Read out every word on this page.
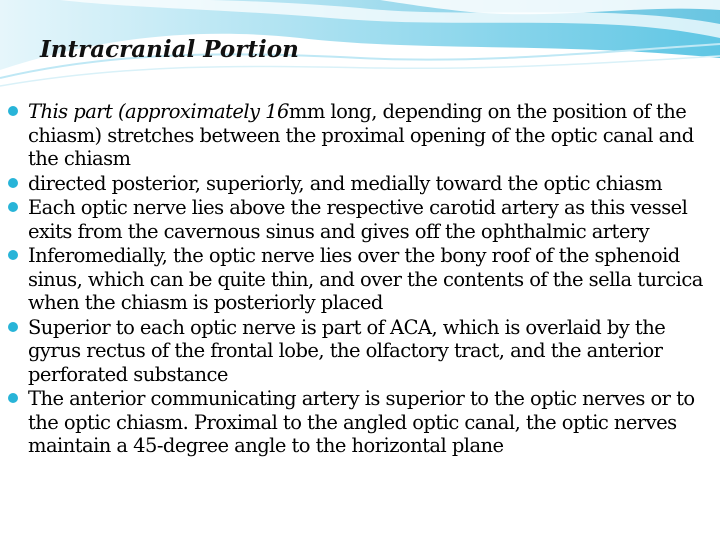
Intracranial Portion
This part (approximately 16mm long, depending on the position of the chiasm) stretches between the proximal opening of the optic canal and the chiasm
directed posterior, superiorly, and medially toward the optic chiasm
Each optic nerve lies above the respective carotid artery as this vessel exits from the cavernous sinus and gives off the ophthalmic artery
Inferomedially, the optic nerve lies over the bony roof of the sphenoid sinus, which can be quite thin, and over the contents of the sella turcica when the chiasm is posteriorly placed
Superior to each optic nerve is part of ACA, which is overlaid by the gyrus rectus of the frontal lobe, the olfactory tract, and the anterior perforated substance
The anterior communicating artery is superior to the optic nerves or to the optic chiasm. Proximal to the angled optic canal, the optic nerves maintain a 45-degree angle to the horizontal plane
